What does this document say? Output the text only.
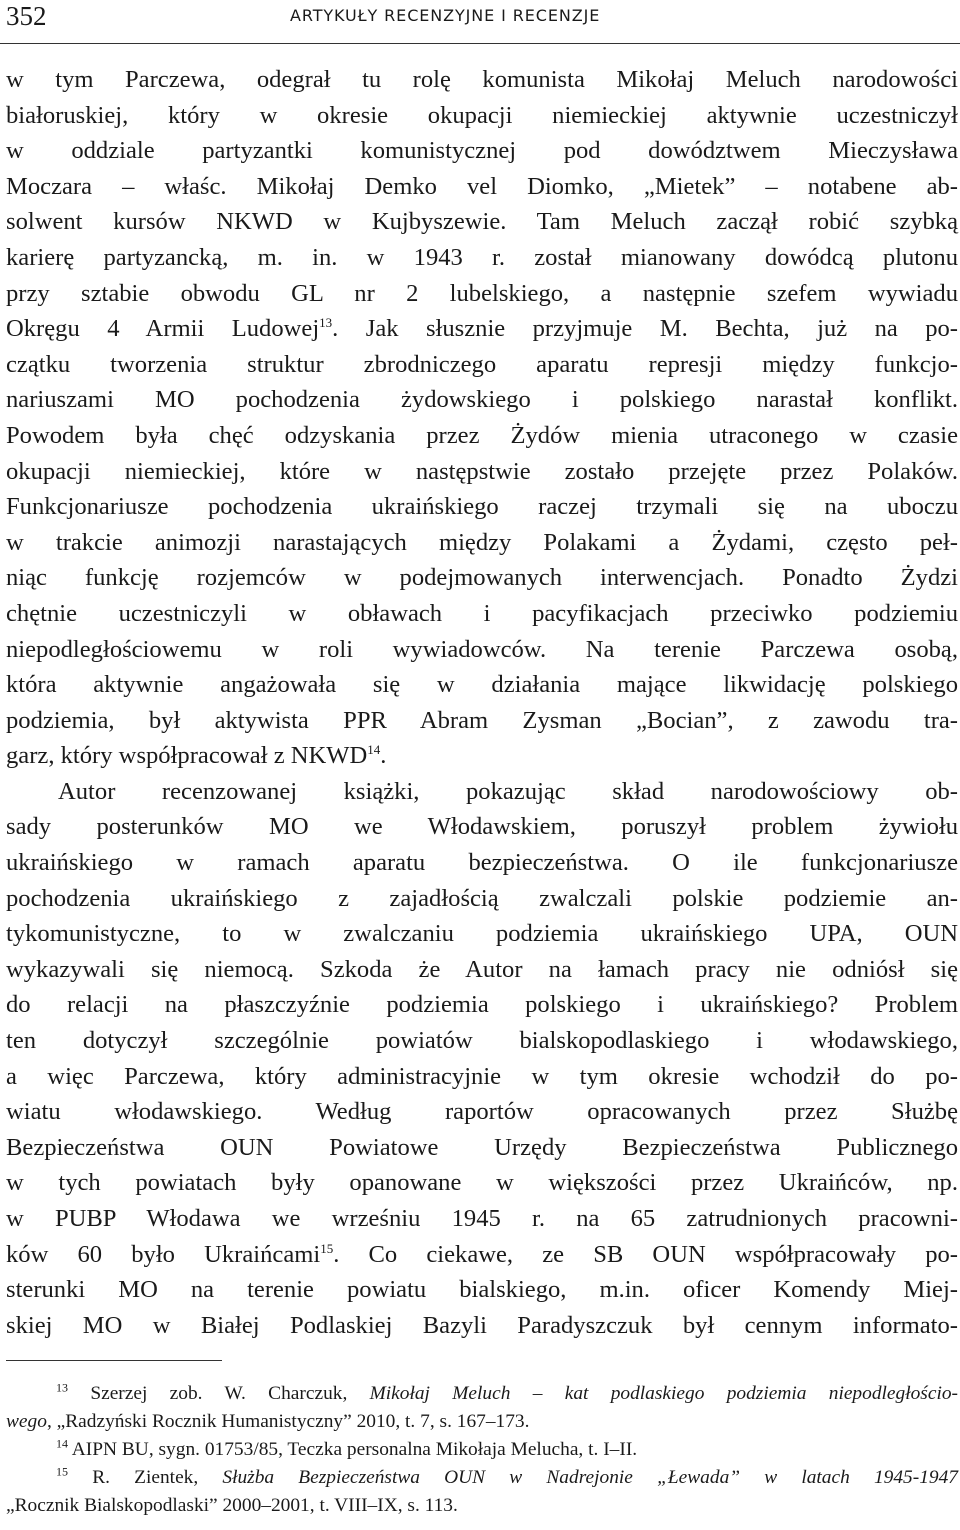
352	ARTYKUŁY RECENZYJNE I RECENZJE
w tym Parczewa, odegrał tu rolę komunista Mikołaj Meluch narodowości
białoruskiej, który w okresie okupacji niemieckiej aktywnie uczestniczył
w oddziale partyzantki komunistycznej pod dowództwem Mieczysława
Moczara – właśc. Mikołaj Demko vel Diomko, „Mietek” – notabene ab-
solwent kursów NKWD w Kujbyszewie. Tam Meluch zaczął robić szybką
karierę partyzancką, m. in. w 1943 r. został mianowany dowódcą plutonu
przy sztabie obwodu GL nr 2 lubelskiego, a następnie szefem wywiadu
Okręgu 4 Armii Ludowej$^{13}$. Jak słusznie przyjmuje M. Bechta, już na po-
czątku tworzenia struktur zbrodniczego aparatu represji między funkcjo-
nariuszami MO pochodzenia żydowskiego i polskiego narastał konflikt.
Powodem była chęć odzyskania przez Żydów mienia utraconego w czasie
okupacji niemieckiej, które w następstwie zostało przejęte przez Polaków.
Funkcjonariusze pochodzenia ukraińskiego raczej trzymali się na uboczu
w trakcie animozji narastających między Polakami a Żydami, często peł-
niąc funkcję rozjemców w podejmowanych interwencjach. Ponadto Żydzi
chętnie uczestniczyli w obławach i pacyfikacjach przeciwko podziemiu
niepodległościowemu w roli wywiadowców. Na terenie Parczewa osobą,
która aktywnie angażowała się w działania mające likwidację polskiego
podziemia, był aktywista PPR Abram Zysman „Bocian”, z zawodu tra-
garz, który współpracował z NKWD$^{14}$.
Autor recenzowanej książki, pokazując skład narodowościowy ob-
sady posterunków MO we Włodawskiem, poruszył problem żywiołu
ukraińskiego w ramach aparatu bezpieczeństwa. O ile funkcjonariusze
pochodzenia ukraińskiego z zajadłością zwalczali polskie podziemie an-
tykomunistyczne, to w zwalczaniu podziemia ukraińskiego UPA, OUN
wykazywali się niemocą. Szkoda że Autor na łamach pracy nie odniósł się
do relacji na płaszczyźnie podziemia polskiego i ukraińskiego? Problem
ten dotyczył szczególnie powiatów bialskopodlaskiego i włodawskiego,
a więc Parczewa, który administracyjnie w tym okresie wchodził do po-
wiatu włodawskiego. Według raportów opracowanych przez Służbę
Bezpieczeństwa OUN Powiatowe Urzędy Bezpieczeństwa Publicznego
w tych powiatach były opanowane w większości przez Ukraińców, np.
w PUBP Włodawa we wrześniu 1945 r. na 65 zatrudnionych pracowni-
ków 60 było Ukraińcami$^{15}$. Co ciekawe, ze SB OUN współpracowały po-
sterunki MO na terenie powiatu bialskiego, m.in. oficer Komendy Miej-
skiej MO w Białej Podlaskiej Bazyli Paradyszczuk był cennym informato-
$^{13}$ Szerzej zob. W. Charczuk, Mikołaj Meluch – kat podlaskiego podziemia niepodległościo-
wego, „Radzyński Rocznik Humanistyczny” 2010, t. 7, s. 167–173.
$^{14}$ AIPN BU, sygn. 01753/85, Teczka personalna Mikołaja Melucha, t. I–II.
$^{15}$ R. Zientek, Służba Bezpieczeństwa OUN w Nadrejonie „Łewada” w latach 1945-1947
„Rocznik Bialskopodlaski” 2000–2001, t. VIII–IX, s. 113.
